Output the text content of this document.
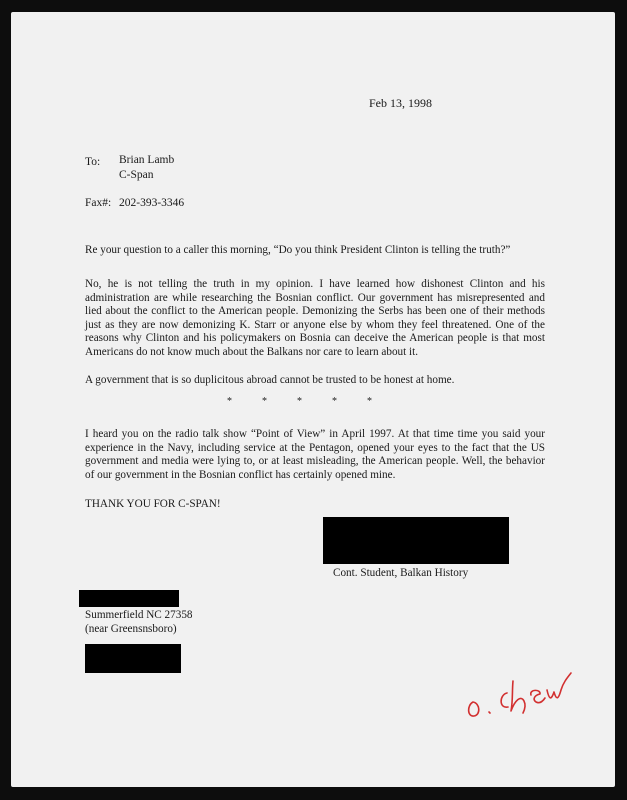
Feb 13, 1998
To: Brian Lamb
C-Span
Fax#: 202-393-3346
Re your question to a caller this morning, “Do you think President Clinton is telling the truth?”
No, he is not telling the truth in my opinion. I have learned how dishonest Clinton and his administration are while researching the Bosnian conflict. Our government has misrepresented and lied about the conflict to the American people. Demonizing the Serbs has been one of their methods just as they are now demonizing K. Starr or anyone else by whom they feel threatened. One of the reasons why Clinton and his policymakers on Bosnia can deceive the American people is that most Americans do not know much about the Balkans nor care to learn about it.
A government that is so duplicitous abroad cannot be trusted to be honest at home.
*	*	*	*	*
I heard you on the radio talk show “Point of View” in April 1997. At that time time you said your experience in the Navy, including service at the Pentagon, opened your eyes to the fact that the US government and media were lying to, or at least misleading, the American people. Well, the behavior of our government in the Bosnian conflict has certainly opened mine.
THANK YOU FOR C-SPAN!
Cont. Student, Balkan History
Summerfield NC 27358
(near Greensnsboro)
